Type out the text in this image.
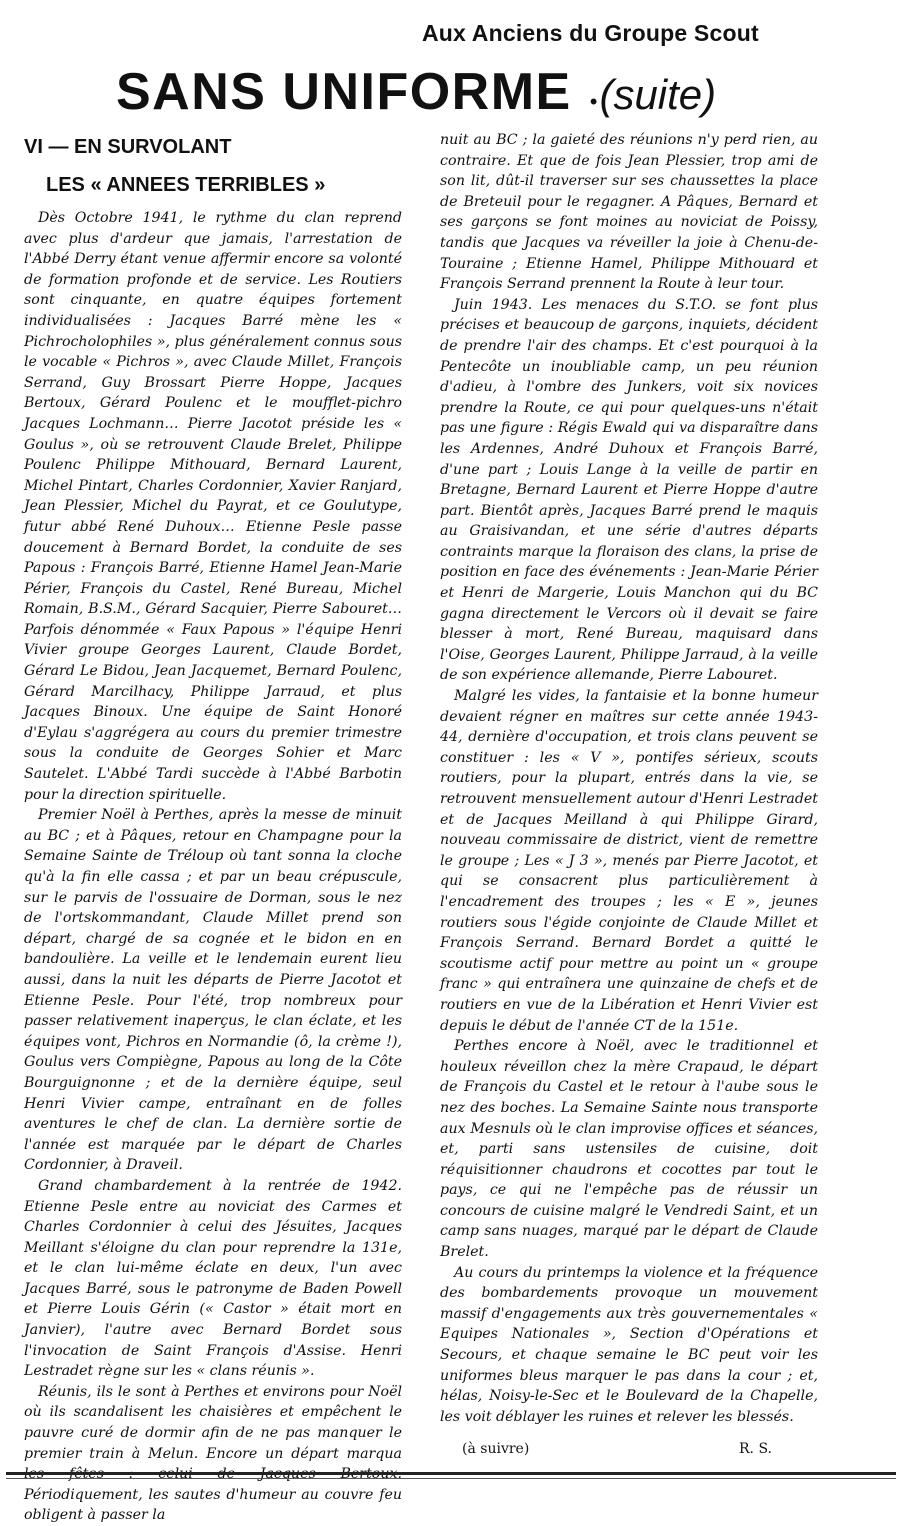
Aux Anciens du Groupe Scout
SANS UNIFORME •(suite)
VI — EN SURVOLANT
LES « ANNEES TERRIBLES »

Dès Octobre 1941, le rythme du clan reprend avec plus d'ardeur que jamais, l'arrestation de l'Abbé Derry étant venue affermir encore sa volonté de formation profonde et de service. Les Routiers sont cinquante, en quatre équipes fortement individualisées : Jacques Barré mène les « Pichrocholophiles », plus généralement connus sous le vocable « Pichros », avec Claude Millet, François Serrand, Guy Brossart Pierre Hoppe, Jacques Bertoux, Gérard Poulenc et le moufflet-pichro Jacques Lochmann… Pierre Jacotot préside les « Goulus », où se retrouvent Claude Brelet, Philippe Poulenc Philippe Mithouard, Bernard Laurent, Michel Pintart, Charles Cordonnier, Xavier Ranjard, Jean Plessier, Michel du Payrat, et ce Goulutype, futur abbé René Duhoux… Etienne Pesle passe doucement à Bernard Bordet, la conduite de ses Papous : François Barré, Etienne Hamel Jean-Marie Périer, François du Castel, René Bureau, Michel Romain, B.S.M., Gérard Sacquier, Pierre Sabouret… Parfois dénommée « Faux Papous » l'équipe Henri Vivier groupe Georges Laurent, Claude Bordet, Gérard Le Bidou, Jean Jacquemet, Bernard Poulenc, Gérard Marcilhacy, Philippe Jarraud, et plus Jacques Binoux. Une équipe de Saint Honoré d'Eylau s'aggrégera au cours du premier trimestre sous la conduite de Georges Sohier et Marc Sautelet. L'Abbé Tardi succède à l'Abbé Barbotin pour la direction spirituelle.

Premier Noël à Perthes, après la messe de minuit au BC ; et à Pâques, retour en Champagne pour la Semaine Sainte de Tréloup où tant sonna la cloche qu'à la fin elle cassa ; et par un beau crépuscule, sur le parvis de l'ossuaire de Dorman, sous le nez de l'ortskommandant, Claude Millet prend son départ, chargé de sa cognée et le bidon en en bandoulière. La veille et le lendemain eurent lieu aussi, dans la nuit les départs de Pierre Jacotot et Etienne Pesle. Pour l'été, trop nombreux pour passer relativement inaperçus, le clan éclate, et les équipes vont, Pichros en Normandie (ô, la crème !), Goulus vers Compiègne, Papous au long de la Côte Bourguignonne ; et de la dernière équipe, seul Henri Vivier campe, entraînant en de folles aventures le chef de clan. La dernière sortie de l'année est marquée par le départ de Charles Cordonnier, à Draveil.

Grand chambardement à la rentrée de 1942. Etienne Pesle entre au noviciat des Carmes et Charles Cordonnier à celui des Jésuites, Jacques Meillant s'éloigne du clan pour reprendre la 131e, et le clan lui-même éclate en deux, l'un avec Jacques Barré, sous le patronyme de Baden Powell et Pierre Louis Gérin (« Castor » était mort en Janvier), l'autre avec Bernard Bordet sous l'invocation de Saint François d'Assise. Henri Lestradet règne sur les « clans réunis ».

Réunis, ils le sont à Perthes et environs pour Noël où ils scandalisent les chaisières et empêchent le pauvre curé de dormir afin de ne pas manquer le premier train à Melun. Encore un départ marqua Périodiquement, les sautes d'humeur au couvre feu obligent à passer la

nuit au BC ; la gaieté des réunions n'y perd rien, au contraire. Et que de fois Jean Plessier, trop ami de son lit, dût-il traverser sur ses chaussettes la place de Breteuil pour le regagner. A Pâques, Bernard et ses garçons se font moines au noviciat de Poissy, tandis que Jacques va réveiller la joie à Chenu-de-Touraine ; Etienne Hamel, Philippe Mithouard et François Serrand prennent la Route à leur tour.

Juin 1943. Les menaces du S.T.O. se font plus précises et beaucoup de garçons, inquiets, décident de prendre l'air des champs. Et c'est pourquoi à la Pentecôte un inoubliable camp, un peu réunion d'adieu, à l'ombre des Junkers, voit six novices prendre la Route, ce qui pour quelques-uns n'était pas une figure : Régis Ewald qui va disparaître dans les Ardennes, André Duhoux et François Barré, d'une part ; Louis Lange à la veille de partir en Bretagne, Bernard Laurent et Pierre Hoppe d'autre part. Bientôt après, Jacques Barré prend le maquis au Graisivandan, et une série d'autres départs contraints marque la floraison des clans, la prise de position en face des événements : Jean-Marie Périer et Henri de Margerie, Louis Manchon qui du BC gagna directement le Vercors où il devait se faire blesser à mort, René Bureau, maquisard dans l'Oise, Georges Laurent, Philippe Jarraud, à la veille de son expérience allemande, Pierre Labouret.

Malgré les vides, la fantaisie et la bonne humeur devaient régner en maîtres sur cette année 1943-44, dernière d'occupation, et trois clans peuvent se constituer : les « V », pontifes sérieux, scouts routiers, pour la plupart, entrés dans la vie, se retrouvent mensuellement autour d'Henri Lestradet et de Jacques Meilland à qui Philippe Girard, nouveau commissaire de district, vient de remettre le groupe ; Les « J 3 », menés par Pierre Jacotot, et qui se consacrent plus particulièrement à l'encadrement des troupes ; les « E », jeunes routiers sous l'égide conjointe de Claude Millet et François Serrand. Bernard Bordet a quitté le scoutisme actif pour mettre au point un « groupe franc » qui entraînera une quinzaine de chefs et de routiers en vue de la Libération et Henri Vivier est depuis le début de l'année CT de la 151e.

Perthes encore à Noël, avec le traditionnel et houleux réveillon chez la mère Crapaud, le départ de François du Castel et le retour à l'aube sous le nez des boches. La Semaine Sainte nous transporte aux Mesnuls où le clan improvise offices et séances, et, parti sans ustensiles de cuisine, doit réquisitionner chaudrons et cocottes par tout le pays, ce qui ne l'empêche pas de réussir un concours de cuisine malgré le Vendredi Saint, et un camp sans nuages, marqué par le départ de Claude Brelet.

Au cours du printemps la violence et la fréquence des bombardements provoque un mouvement massif d'engagements aux très gouvernementales « Equipes Nationales », Section d'Opérations et Secours, et chaque semaine le BC peut voir les uniformes bleus marquer le pas dans la cour ; et, hélas, Noisy-le-Sec et le Boulevard de la Chapelle, les voit déblayer les ruines et relever les blessés.

(à suivre)	R. S.
